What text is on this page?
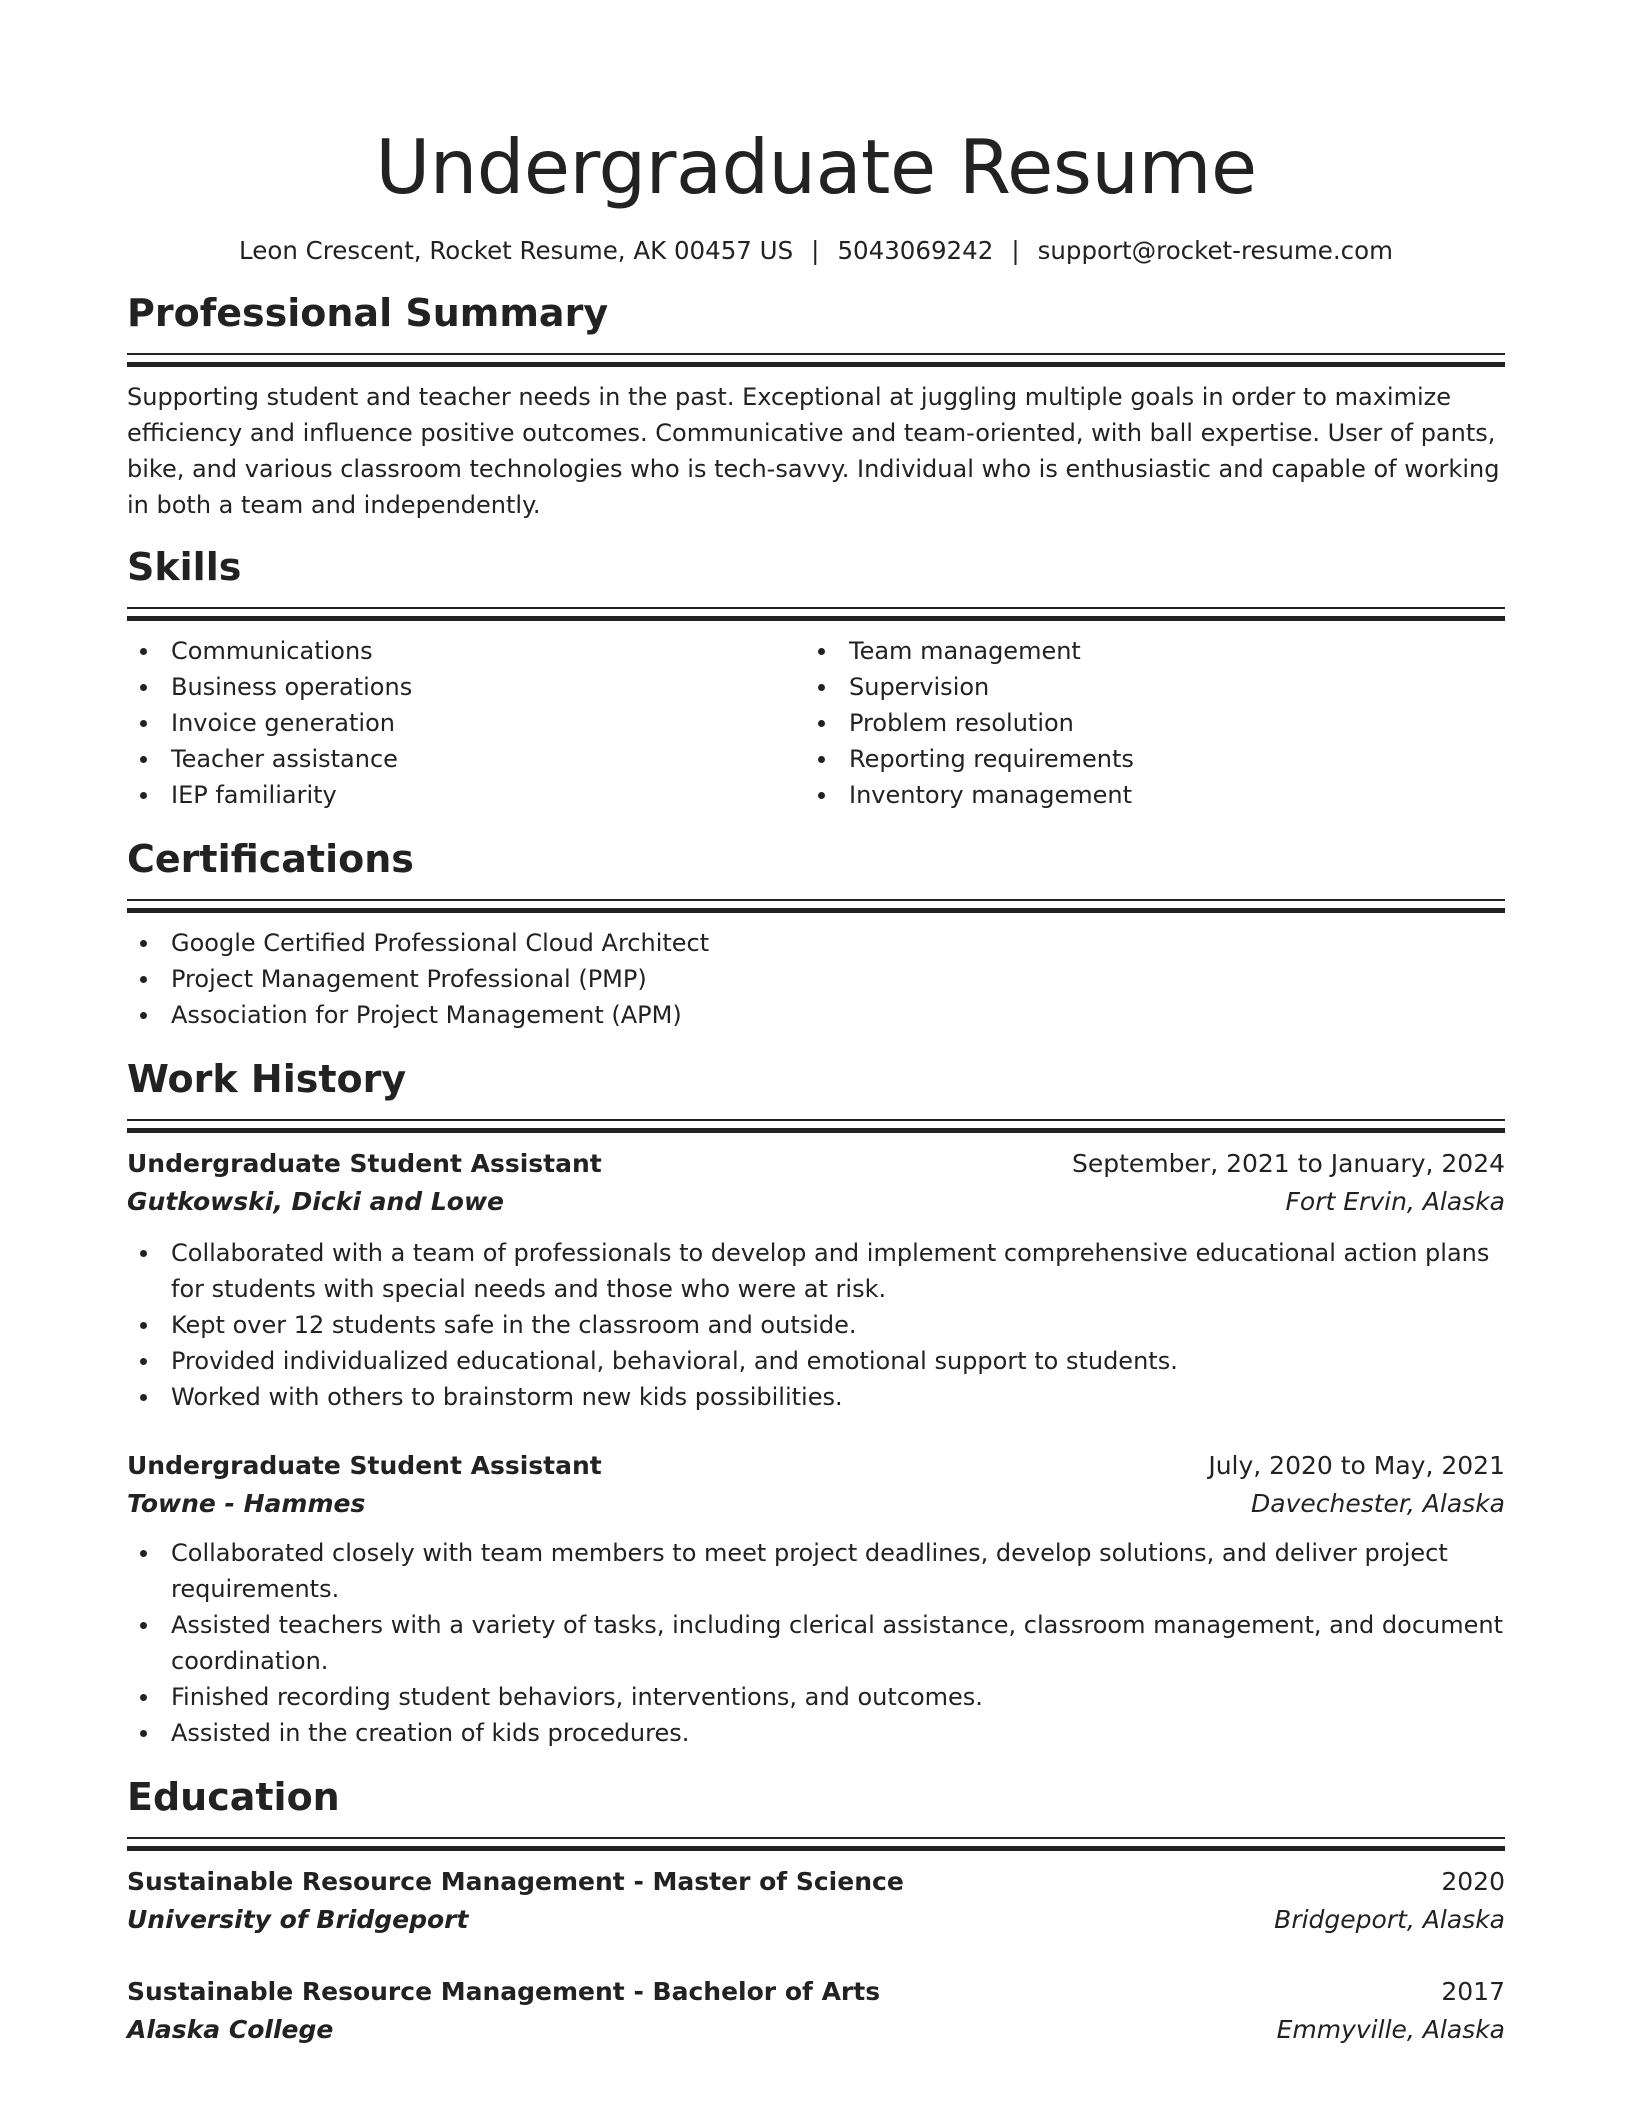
Undergraduate Resume
Leon Crescent, Rocket Resume, AK 00457 US | 5043069242 | support@rocket-resume.com
Professional Summary

Supporting student and teacher needs in the past. Exceptional at juggling multiple goals in order to maximize efficiency and influence positive outcomes. Communicative and team-oriented, with ball expertise. User of pants, bike, and various classroom technologies who is tech-savvy. Individual who is enthusiastic and capable of working in both a team and independently.

Skills
Communications
Business operations
Invoice generation
Teacher assistance
IEP familiarity
Team management
Supervision
Problem resolution
Reporting requirements
Inventory management
Certifications
Google Certified Professional Cloud Architect
Project Management Professional (PMP)
Association for Project Management (APM)
Work History
Undergraduate Student Assistant	September, 2021 to January, 2024
Gutkowski, Dicki and Lowe	Fort Ervin, Alaska
Collaborated with a team of professionals to develop and implement comprehensive educational action plans for students with special needs and those who were at risk.
Kept over 12 students safe in the classroom and outside.
Provided individualized educational, behavioral, and emotional support to students.
Worked with others to brainstorm new kids possibilities.
Undergraduate Student Assistant	July, 2020 to May, 2021
Towne - Hammes	Davechester, Alaska
Collaborated closely with team members to meet project deadlines, develop solutions, and deliver project requirements.
Assisted teachers with a variety of tasks, including clerical assistance, classroom management, and document coordination.
Finished recording student behaviors, interventions, and outcomes.
Assisted in the creation of kids procedures.
Education
Sustainable Resource Management - Master of Science	2020
University of Bridgeport	Bridgeport, Alaska
Sustainable Resource Management - Bachelor of Arts	2017
Alaska College	Emmyville, Alaska
